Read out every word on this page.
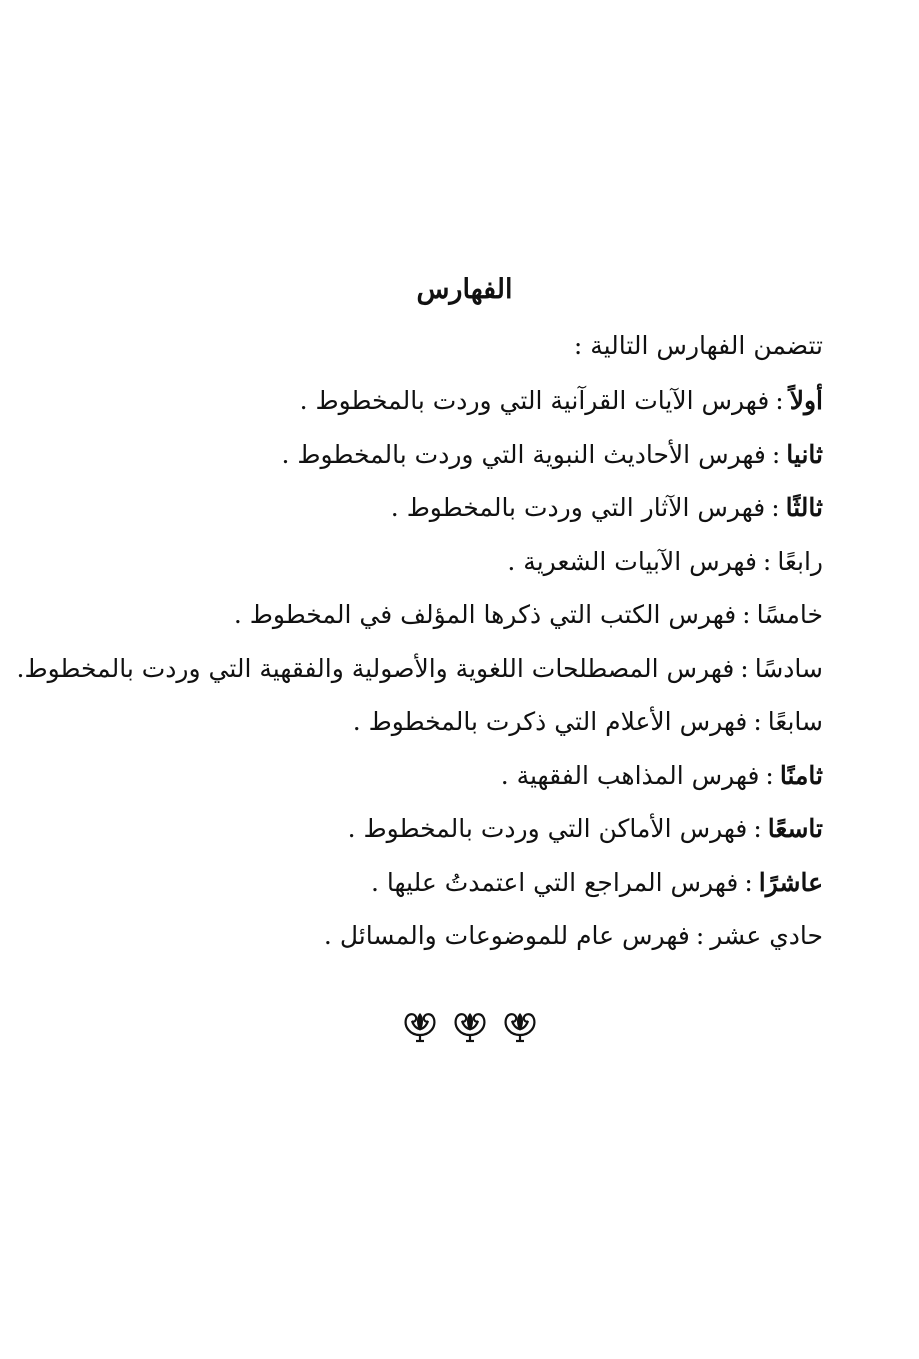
الفهارس
تتضمن الفهارس التالية :
أولاً:فهرس الآيات القرآنية التي وردت بالمخطوط .
ثانيا:فهرس الأحاديث النبوية التي وردت بالمخطوط .
ثالثًا:فهرس الآثار التي وردت بالمخطوط .
رابعًا:فهرس الآبيات الشعرية .
خامسًا:فهرس الكتب التي ذكرها المؤلف في المخطوط .
سادسًا:فهرس المصطلحات اللغوية والأصولية والفقهية التي وردت بالمخطوط.
سابعًا:فهرس الأعلام التي ذكرت بالمخطوط .
ثامنًا:فهرس المذاهب الفقهية .
تاسعًا:فهرس الأماكن التي وردت بالمخطوط .
عاشرًا:فهرس المراجع التي اعتمدتُ عليها .
حادي عشر:فهرس عام للموضوعات والمسائل .
